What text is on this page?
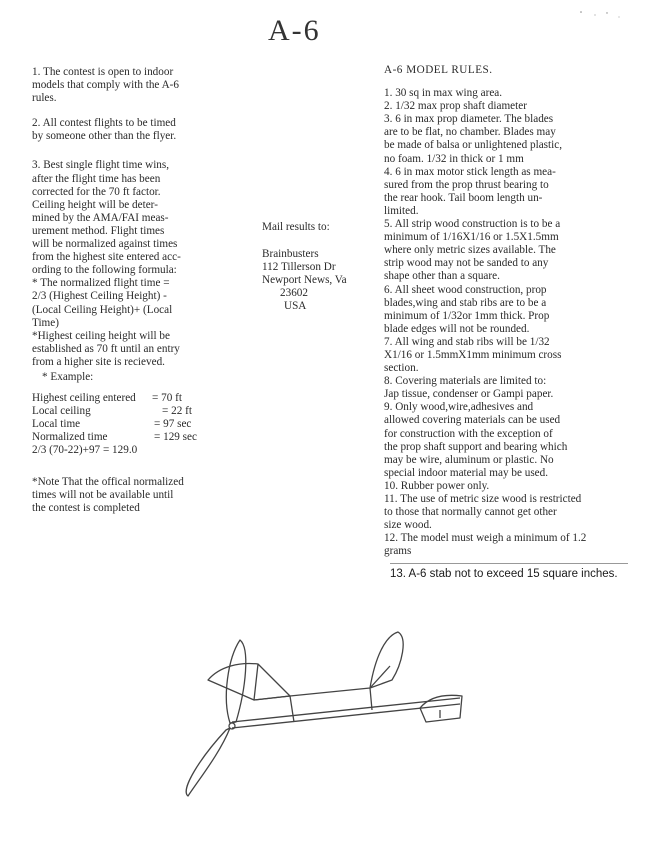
A-6
1. The contest is open to indoor
models that comply with the A-6
rules.
2. All contest flights to be timed
by someone other than the flyer.
3. Best single flight time wins,
after the flight time has been
corrected for the 70 ft factor.
Ceiling height will be deter-
mined by the AMA/FAI meas-
urement method. Flight times
will be normalized against times
from the highest site entered acc-
ording to the following formula:
* The normalized flight time =
2/3 (Highest Ceiling Height) -
(Local Ceiling Height)+ (Local
Time)
*Highest ceiling height will be
established as 70 ft until an entry
from a higher site is recieved.
* Example:
Highest ceiling entered	= 70 ft
Local ceiling	= 22 ft
Local time	= 97 sec
Normalized time	= 129 sec
2/3 (70-22)+97 = 129.0
*Note That the offical normalized
times will not be available until
the contest is completed
Mail results to:
Brainbusters
112 Tillerson Dr
Newport News, Va
23602
USA
A-6 MODEL RULES.
1. 30 sq in max wing area.
2. 1/32 max prop shaft diameter
3. 6 in max prop diameter. The blades
are to be flat, no chamber. Blades may
be made of balsa or unlightened plastic,
no foam. 1/32 in thick or 1 mm
4. 6 in max motor stick length as mea-
sured from the prop thrust bearing to
the rear hook. Tail boom length un-
limited.
5. All strip wood construction is to be a
minimum of 1/16X1/16 or 1.5X1.5mm
where only metric sizes available. The
strip wood may not be sanded to any
shape other than a square.
6. All sheet wood construction, prop
blades,wing and stab ribs are to be a
minimum of 1/32or 1mm thick. Prop
blade edges will not be rounded.
7. All wing and stab ribs will be 1/32
X1/16 or 1.5mmX1mm minimum cross
section.
8. Covering materials are limited to:
Jap tissue, condenser or Gampi paper.
9. Only wood,wire,adhesives and
allowed covering materials can be used
for construction with the exception of
the prop shaft support and bearing which
may be wire, aluminum or plastic. No
special indoor material may be used.
10. Rubber power only.
11. The use of metric size wood is restricted
to those that normally cannot get other
size wood.
12. The model must weigh a minimum of 1.2
grams
13. A-6 stab not to exceed 15 square inches.
